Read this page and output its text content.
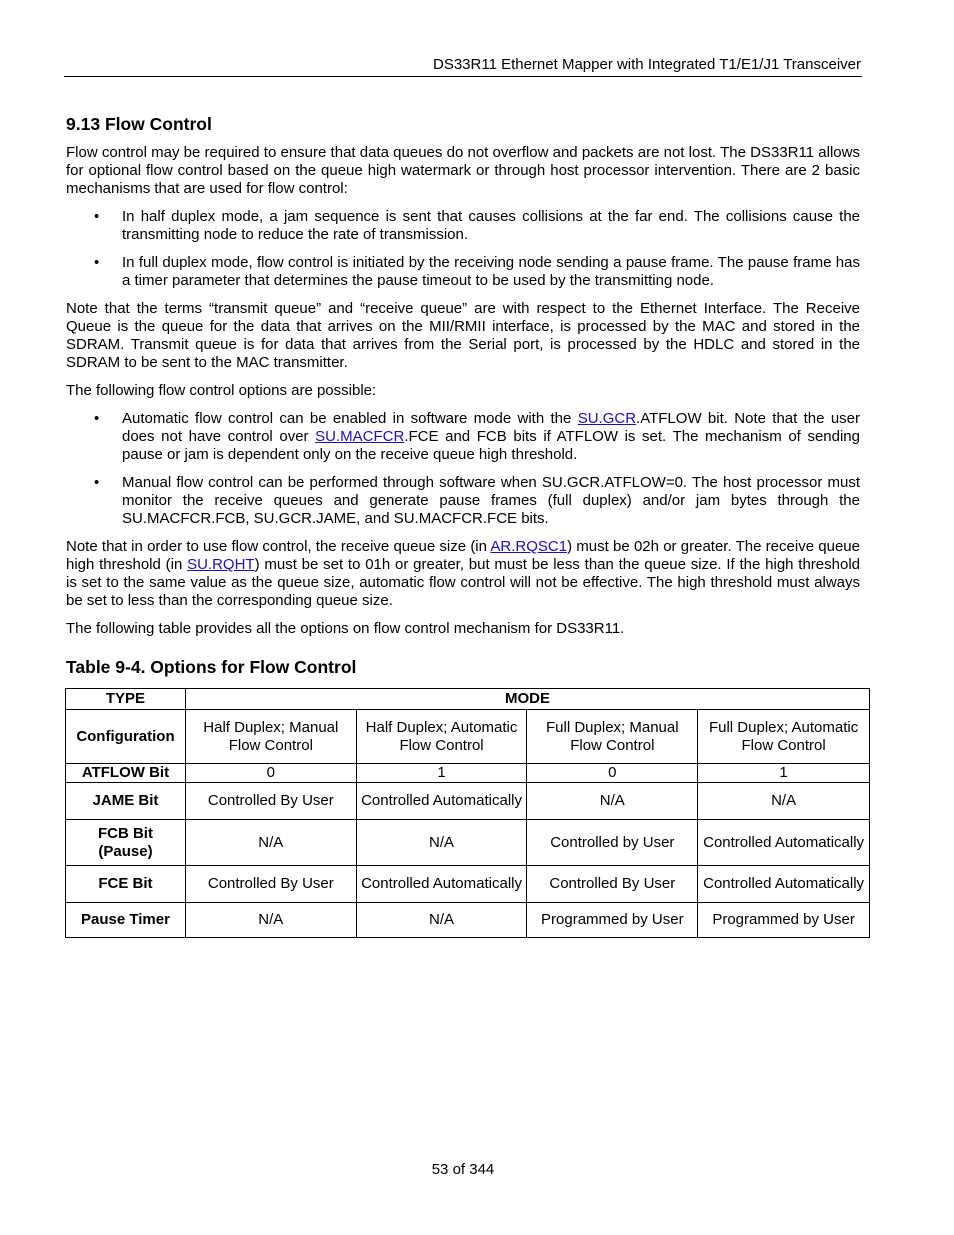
DS33R11 Ethernet Mapper with Integrated T1/E1/J1 Transceiver
9.13 Flow Control

Flow control may be required to ensure that data queues do not overflow and packets are not lost. The DS33R11 allows for optional flow control based on the queue high watermark or through host processor intervention. There are 2 basic mechanisms that are used for flow control:

• In half duplex mode, a jam sequence is sent that causes collisions at the far end. The collisions cause the transmitting node to reduce the rate of transmission.
• In full duplex mode, flow control is initiated by the receiving node sending a pause frame. The pause frame has a timer parameter that determines the pause timeout to be used by the transmitting node.

Note that the terms “transmit queue” and “receive queue” are with respect to the Ethernet Interface. The Receive Queue is the queue for the data that arrives on the MII/RMII interface, is processed by the MAC and stored in the SDRAM. Transmit queue is for data that arrives from the Serial port, is processed by the HDLC and stored in the SDRAM to be sent to the MAC transmitter.

The following flow control options are possible:

• Automatic flow control can be enabled in software mode with the SU.GCR.ATFLOW bit. Note that the user does not have control over SU.MACFCR.FCE and FCB bits if ATFLOW is set. The mechanism of sending pause or jam is dependent only on the receive queue high threshold.
• Manual flow control can be performed through software when SU.GCR.ATFLOW=0. The host processor must monitor the receive queues and generate pause frames (full duplex) and/or jam bytes through the SU.MACFCR.FCB, SU.GCR.JAME, and SU.MACFCR.FCE bits.

Note that in order to use flow control, the receive queue size (in AR.RQSC1) must be 02h or greater. The receive queue high threshold (in SU.RQHT) must be set to 01h or greater, but must be less than the queue size. If the high threshold is set to the same value as the queue size, automatic flow control will not be effective. The high threshold must always be set to less than the corresponding queue size.

The following table provides all the options on flow control mechanism for DS33R11.

Table 9-4. Options for Flow Control
TYPE	MODE			
Configuration	Half Duplex; Manual Flow Control	Half Duplex; Automatic Flow Control	Full Duplex; Manual Flow Control	Full Duplex; Automatic Flow Control
ATFLOW Bit	0	1	0	1
JAME Bit	Controlled By User	Controlled Automatically	N/A	N/A
FCB Bit (Pause)	N/A	N/A	Controlled by User	Controlled Automatically
FCE Bit	Controlled By User	Controlled Automatically	Controlled By User	Controlled Automatically
Pause Timer	N/A	N/A	Programmed by User	Programmed by User
53 of 344
